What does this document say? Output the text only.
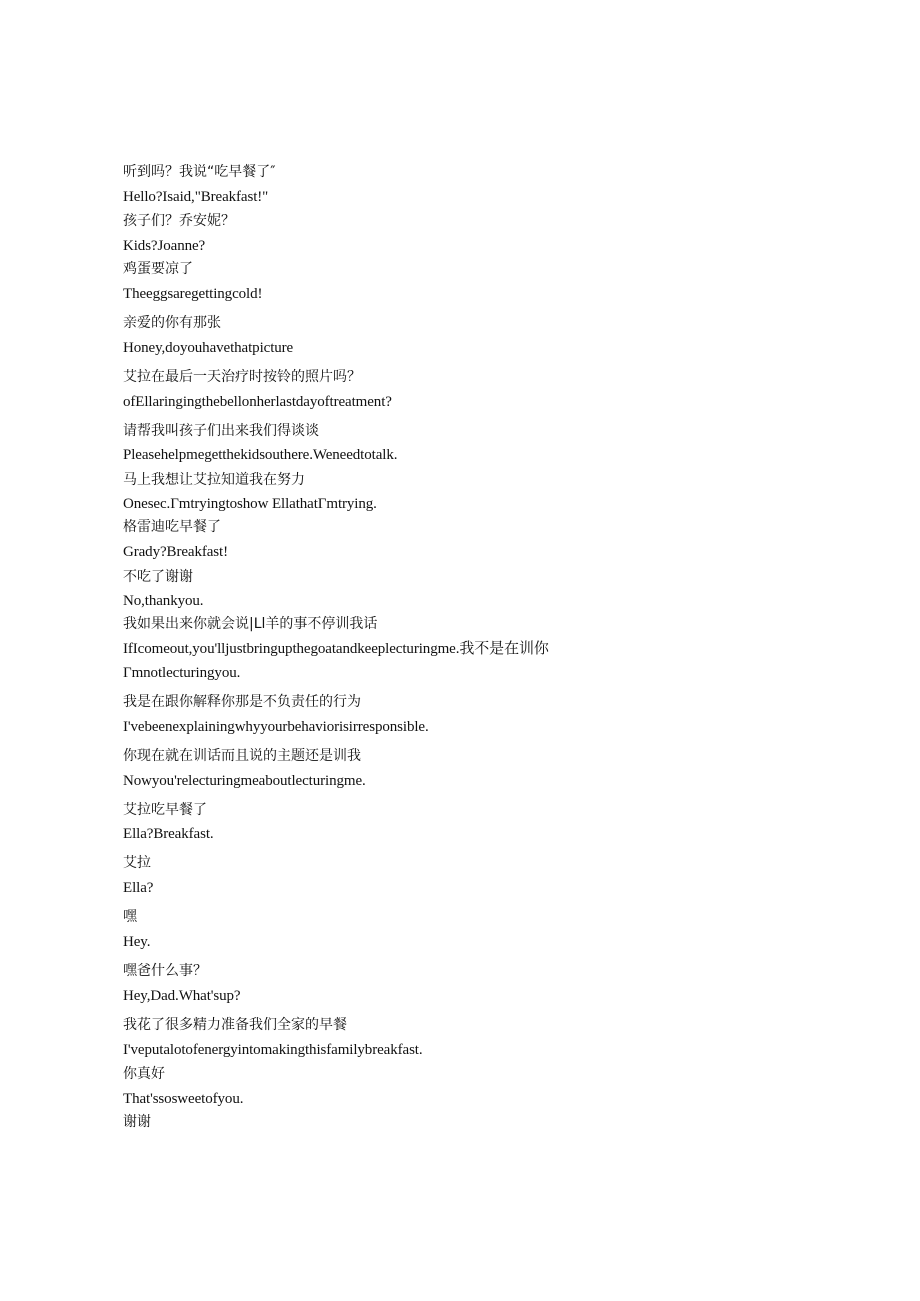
听到吗？我说“吃早餐了″
Hello?Isaid,"Breakfast!"
孩子们？乔安妮？
Kids?Joanne?
鸡蛋要凉了
Theeggsaregettingcold!
亲爱的你有那张
Honey,doyouhavethatpicture
艾拉在最后一天治疗时按铃的照片吗？
ofEllaringingthebellonherlastdayoftreatment?
请帮我叫孩子们出来我们得谈谈
Pleasehelpmegetthekidsouthere.Weneedtotalk.
马上我想让艾拉知道我在努力
Onesec.Γmtryingtoshow EllathatΓmtrying.
格雷迪吃早餐了
Grady?Breakfast!
不吃了谢谢
No,thankyou.
我如果出来你就会说|Ll羊的事不停训我话
IfIcomeout,you'lljustbringupthegoatandkeeplecturingme.我不是在训你
Γmnotlecturingyou.
我是在跟你解释你那是不负责任的行为
I'vebeenexplainingwhyyourbehaviorisirresponsible.
你现在就在训话而且说的主题还是训我
Nowyou'relecturingmeaboutlecturingme.
艾拉吃早餐了
Ella?Breakfast.
艾拉
Ella?
嘿
Hey.
嘿爸什么事？
Hey,Dad.What'sup?
我花了很多精力准备我们全家的早餐
I'veputalotofenergyintomakingthisfamilybreakfast.
你真好
That'ssosweetofyou.
谢谢
